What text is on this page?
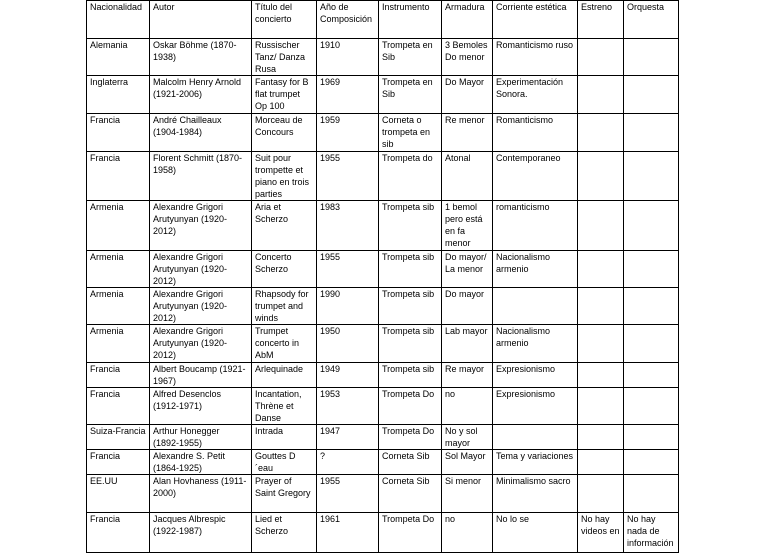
Nacionalidad	Autor	Título del concierto	Año de Composición	Instrumento	Armadura	Corriente estética	Estreno	Orquesta
Alemania	Oskar Böhme (1870-1938)	Russischer Tanz/ Danza Rusa	1910	Trompeta en Sib	3 Bemoles Do menor	Romanticismo ruso		
Inglaterra	Malcolm Henry Arnold (1921-2006)	Fantasy for B flat trumpet Op 100	1969	Trompeta en Sib	Do Mayor	Experimentación Sonora.		
Francia	André Chailleaux (1904-1984)	Morceau de Concours	1959	Corneta o trompeta en sib	Re menor	Romanticismo		
Francia	Florent Schmitt (1870-1958)	Suit pour trompette et piano en trois parties	1955	Trompeta do	Atonal	Contemporaneo		
Armenia	Alexandre Grigori Arutyunyan (1920-2012)	Aria et Scherzo	1983	Trompeta sib	1 bemol pero está en fa menor	romanticismo		
Armenia	Alexandre Grigori Arutyunyan (1920-2012)	Concerto Scherzo	1955	Trompeta sib	Do mayor/ La menor	Nacionalismo armenio		
Armenia	Alexandre Grigori Arutyunyan (1920-2012)	Rhapsody for trumpet and winds	1990	Trompeta sib	Do mayor			
Armenia	Alexandre Grigori Arutyunyan (1920-2012)	Trumpet concerto in AbM	1950	Trompeta sib	Lab mayor	Nacionalismo armenio		
Francia	Albert Boucamp (1921-1967)	Arlequinade	1949	Trompeta sib	Re mayor	Expresionismo		
Francia	Alfred Desenclos (1912-1971)	Incantation, Thrène et Danse	1953	Trompeta Do	no	Expresionismo		
Suiza-Francia	Arthur Honegger (1892-1955)	Intrada	1947	Trompeta Do	No y sol mayor			
Francia	Alexandre S. Petit (1864-1925)	Gouttes D ´eau	?	Corneta Sib	Sol Mayor	Tema y variaciones		
EE.UU	Alan Hovhaness (1911-2000)	Prayer of Saint Gregory	1955	Corneta Sib	Si menor	Minimalismo sacro		
Francia	Jacques Albrespic (1922-1987)	Lied et Scherzo	1961	Trompeta Do	no	No lo se	No hay videos en	No hay nada de información
